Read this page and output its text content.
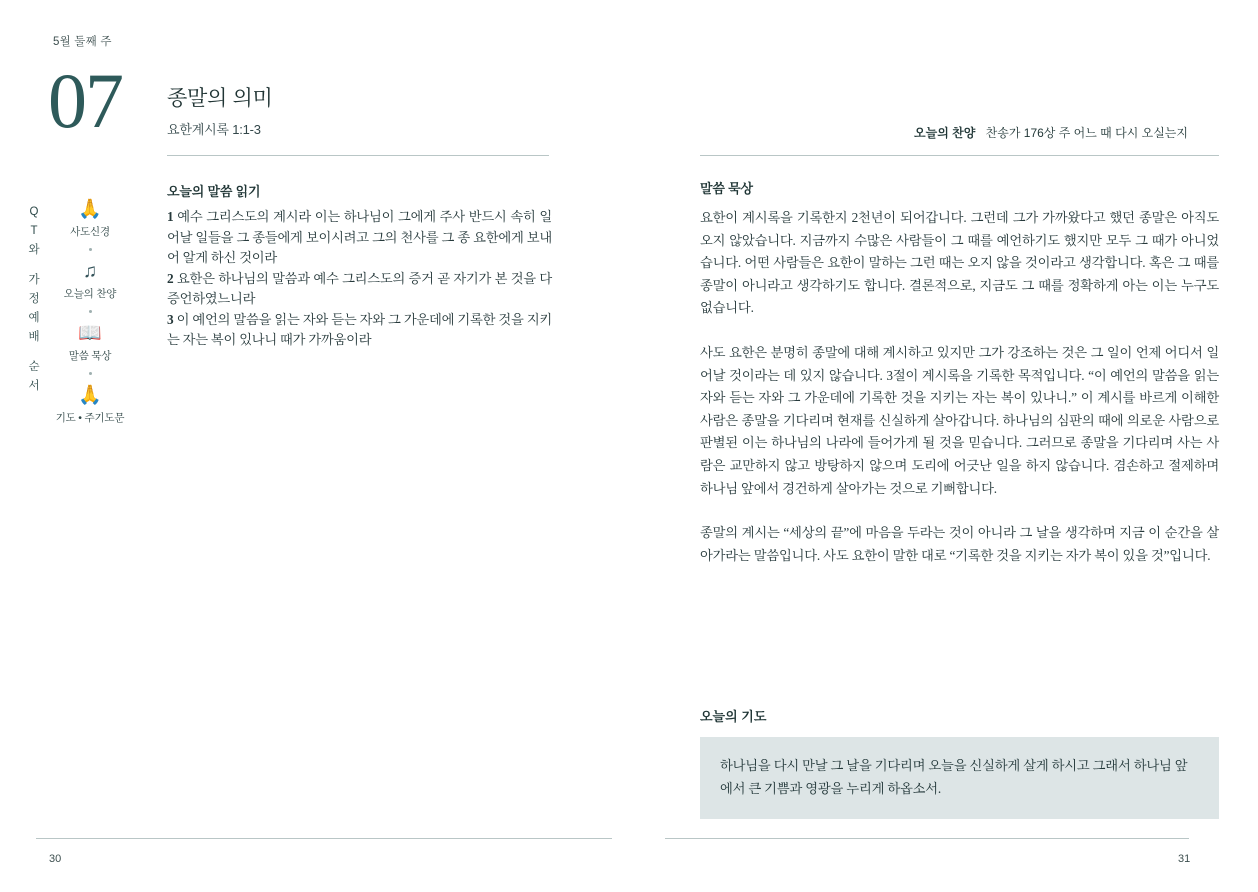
5월 둘째 주
07 종말의 의미
요한계시록 1:1-3
Q
T
와
가
정
예
배
순
서
🙏
사도신경
♫
오늘의 찬양
📖
말씀 묵상
🙏
기도 • 주기도문
오늘의 말씀 읽기

1 예수 그리스도의 계시라 이는 하나님이 그에게 주사 반드시 속히 일어날 일들을 그 종들에게 보이시려고 그의 천사를 그 종 요한에게 보내어 알게 하신 것이라

2 요한은 하나님의 말씀과 예수 그리스도의 증거 곧 자기가 본 것을 다 증언하였느니라

3 이 예언의 말씀을 읽는 자와 듣는 자와 그 가운데에 기록한 것을 지키는 자는 복이 있나니 때가 가까움이라

오늘의 찬양 찬송가 176상 주 어느 때 다시 오실는지
말씀 묵상

요한이 계시록을 기록한지 2천년이 되어갑니다. 그런데 그가 가까왔다고 했던 종말은 아직도 오지 않았습니다. 지금까지 수많은 사람들이 그 때를 예언하기도 했지만 모두 그 때가 아니었습니다. 어떤 사람들은 요한이 말하는 그런 때는 오지 않을 것이라고 생각합니다. 혹은 그 때를 종말이 아니라고 생각하기도 합니다. 결론적으로, 지금도 그 때를 정확하게 아는 이는 누구도 없습니다.

사도 요한은 분명히 종말에 대해 계시하고 있지만 그가 강조하는 것은 그 일이 언제 어디서 일어날 것이라는 데 있지 않습니다. 3절이 계시록을 기록한 목적입니다. “이 예언의 말씀을 읽는 자와 듣는 자와 그 가운데에 기록한 것을 지키는 자는 복이 있나니.” 이 계시를 바르게 이해한 사람은 종말을 기다리며 현재를 신실하게 살아갑니다. 하나님의 심판의 때에 의로운 사람으로 판별된 이는 하나님의 나라에 들어가게 될 것을 믿습니다. 그러므로 종말을 기다리며 사는 사람은 교만하지 않고 방탕하지 않으며 도리에 어긋난 일을 하지 않습니다. 겸손하고 절제하며 하나님 앞에서 경건하게 살아가는 것으로 기뻐합니다.

종말의 계시는 “세상의 끝”에 마음을 두라는 것이 아니라 그 날을 생각하며 지금 이 순간을 살아가라는 말씀입니다. 사도 요한이 말한 대로 “기록한 것을 지키는 자가 복이 있을 것”입니다.

오늘의 기도

하나님을 다시 만날 그 날을 기다리며 오늘을 신실하게 살게 하시고 그래서 하나님 앞에서 큰 기쁨과 영광을 누리게 하옵소서.

30	31
